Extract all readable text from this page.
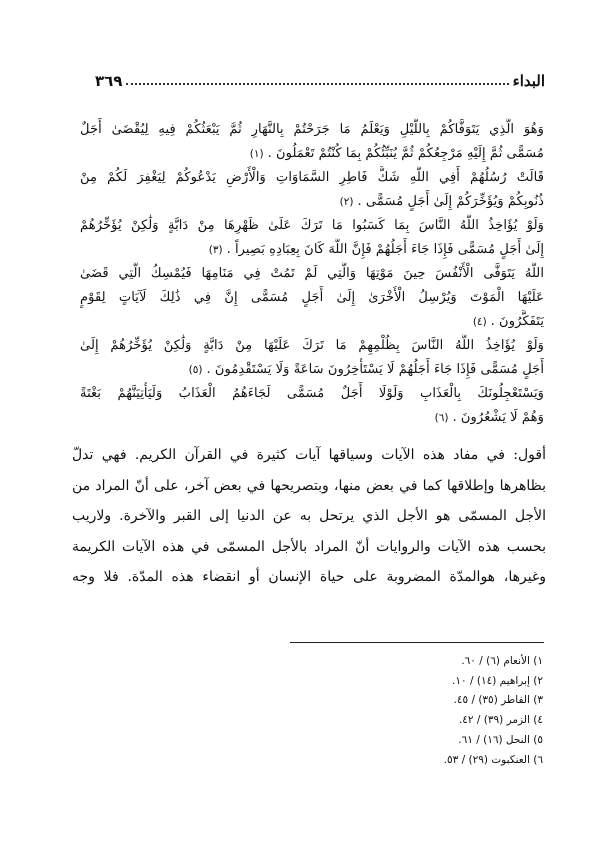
البداء
٣٦٩
وَهُوَ الَّذِي يَتَوَفَّاكُمْ بِاللَّيْلِ وَيَعْلَمُ مَا جَرَحْتُمْ بِالنَّهَارِ ثُمَّ يَبْعَثُكُمْ فِيهِ لِيُقْضَىٰ أَجَلٌ
مُسَمًّى ثُمَّ إِلَيْهِ مَرْجِعُكُمْ ثُمَّ يُنَبِّئُكُمْ بِمَا كُنْتُمْ تَعْمَلُونَ .(١)
قَالَتْ رُسُلُهُمْ أَفِي اللَّهِ شَكٌّ فَاطِرِ السَّمَاوَاتِ وَالْأَرْضِ يَدْعُوكُمْ لِيَغْفِرَ لَكُمْ مِنْ
ذُنُوبِكُمْ وَيُؤَخِّرَكُمْ إِلَىٰ أَجَلٍ مُسَمًّى .(٢)
وَلَوْ يُؤَاخِذُ اللَّهُ النَّاسَ بِمَا كَسَبُوا مَا تَرَكَ عَلَىٰ ظَهْرِهَا مِنْ دَابَّةٍ وَلَٰكِنْ يُؤَخِّرُهُمْ
إِلَىٰ أَجَلٍ مُسَمًّى فَإِذَا جَاءَ أَجَلُهُمْ فَإِنَّ اللَّهَ كَانَ بِعِبَادِهِ بَصِيراً .(٣)
اللَّهُ يَتَوَفَّى الْأَنْفُسَ حِينَ مَوْتِهَا وَالَّتِي لَمْ تَمُتْ فِي مَنَامِهَا فَيُمْسِكُ الَّتِي قَضَىٰ
عَلَيْهَا الْمَوْتَ وَيُرْسِلُ الْأُخْرَىٰ إِلَىٰ أَجَلٍ مُسَمًّى إِنَّ فِي ذَٰلِكَ لَآيَاتٍ لِقَوْمٍ
يَتَفَكَّرُونَ .(٤)
وَلَوْ يُؤَاخِذُ اللَّهُ النَّاسَ بِظُلْمِهِمْ مَا تَرَكَ عَلَيْهَا مِنْ دَابَّةٍ وَلَٰكِنْ يُؤَخِّرُهُمْ إِلَىٰ
أَجَلٍ مُسَمًّى فَإِذَا جَاءَ أَجَلُهُمْ لَا يَسْتَأْخِرُونَ سَاعَةً وَلَا يَسْتَقْدِمُونَ .(٥)
وَيَسْتَعْجِلُونَكَ بِالْعَذَابِ وَلَوْلَا أَجَلٌ مُسَمًّى لَجَاءَهُمُ الْعَذَابُ وَلَيَأْتِيَنَّهُمْ بَغْتَةً
وَهُمْ لَا يَشْعُرُونَ .(٦)
أقول: في مفاد هذه الآيات وسياقها آيات كثيرة في القرآن الكريم. فهي تدلّ
بظاهرها وإطلاقها كما في بعض منها، وبتصريحها في بعض آخر، على أنّ المراد من
الأجل المسمّى هو الأجل الذي يرتحل به عن الدنيا إلى القبر والآخرة. ولاريب
بحسب هذه الآيات والروايات أنّ المراد بالأجل المسمّى في هذه الآيات الكريمة
وغيرها، هوالمدّة المضروبة على حياة الإنسان أو انقضاء هذه المدّة. فلا وجه
١) الأنعام (٦) / ٦٠.
٢) إبراهيم (١٤) / ١٠.
٣) الفاطر (٣٥) / ٤٥.
٤) الزمر (٣٩) / ٤٢.
٥) النحل (١٦) / ٦١.
٦) العنكبوت (٢٩) / ٥٣.
